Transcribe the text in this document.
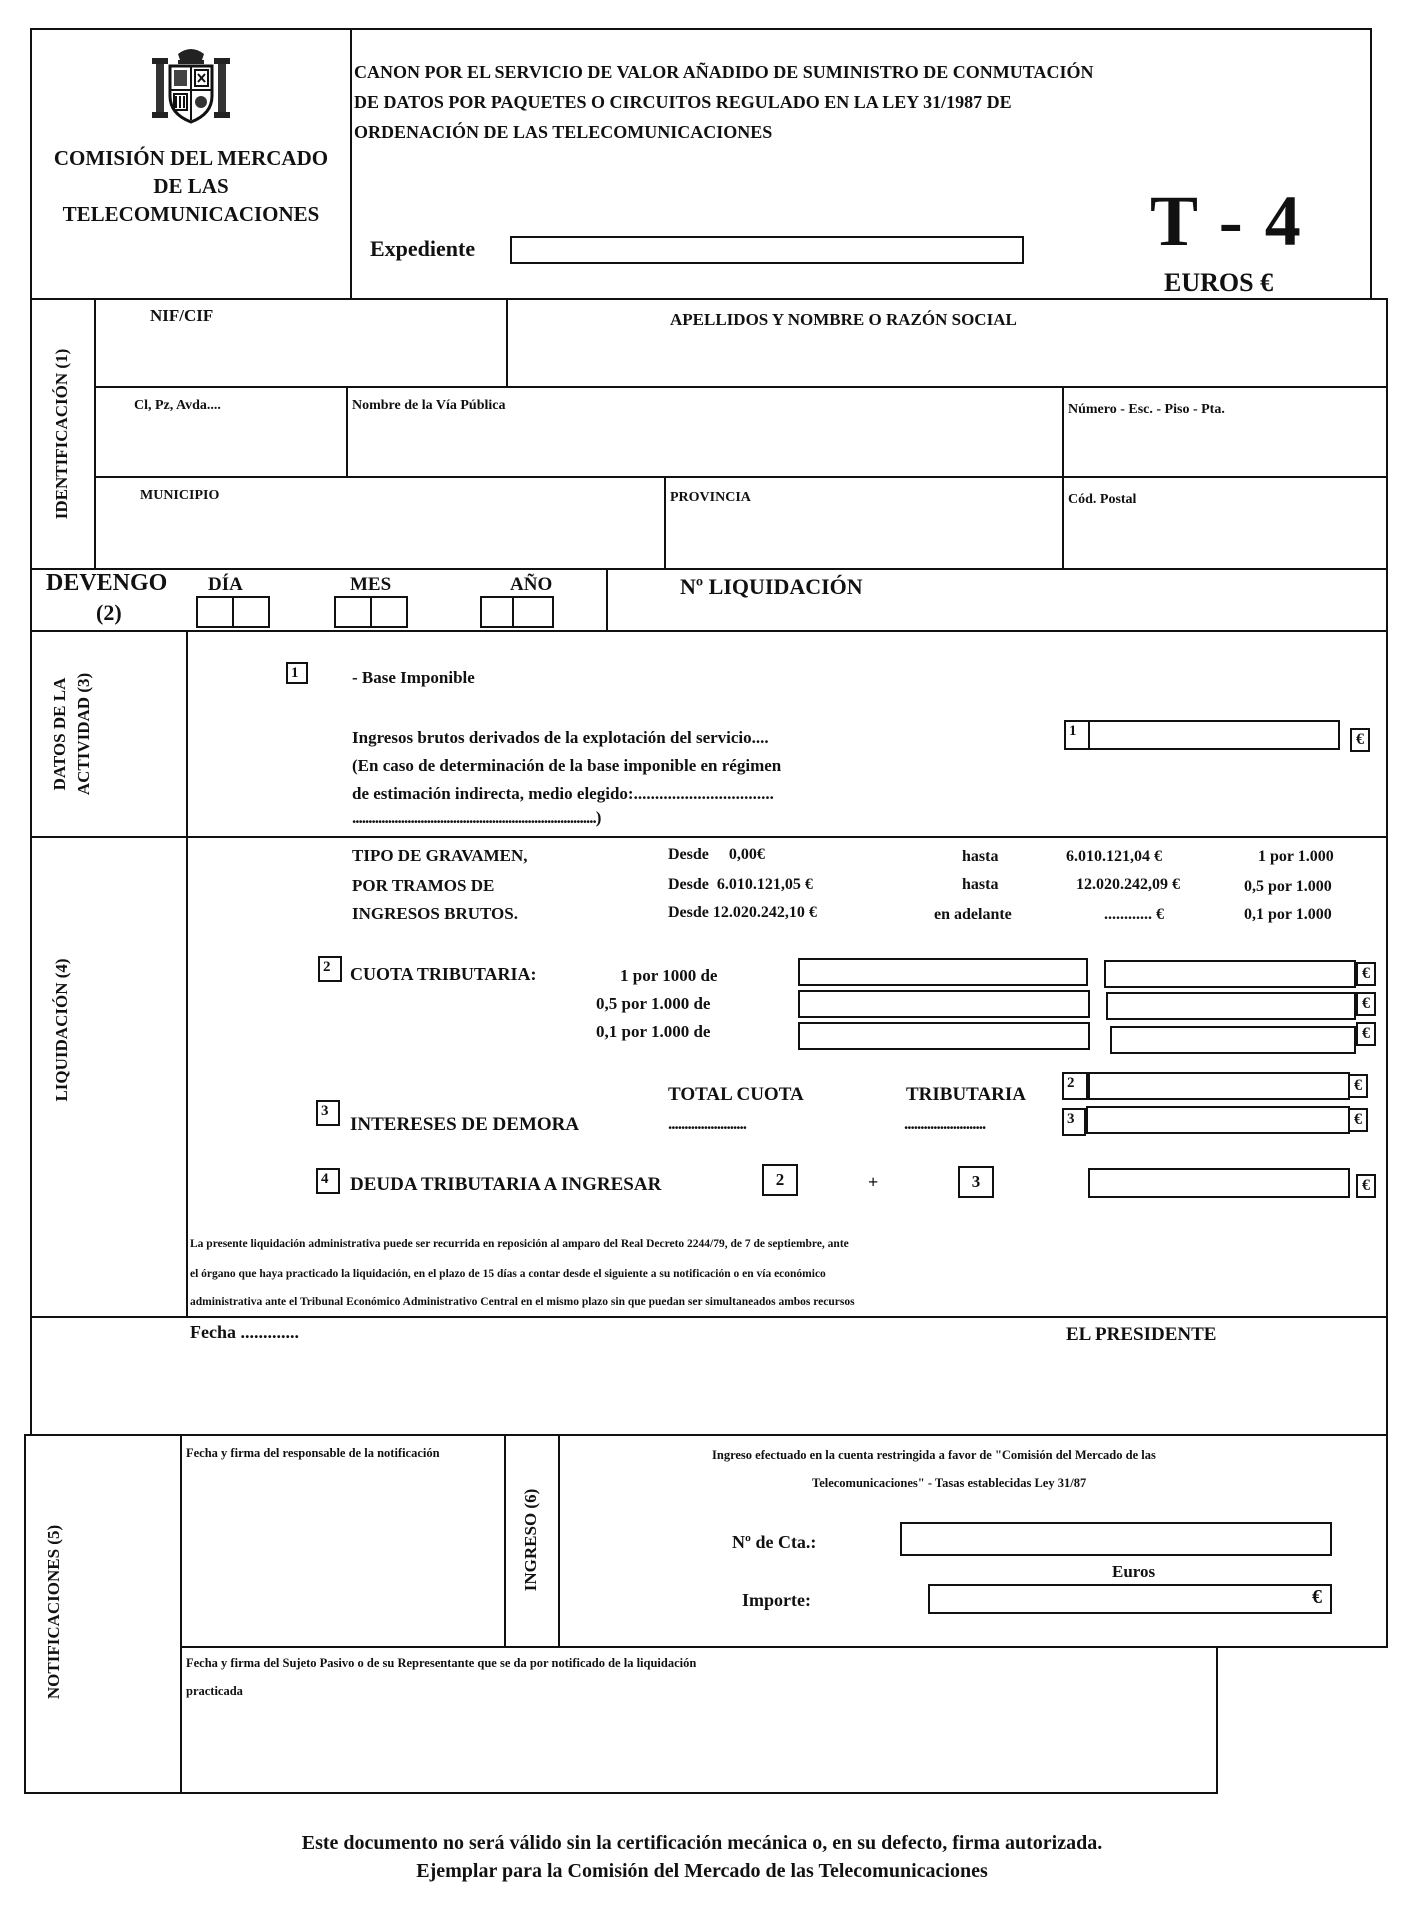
COMISIÓN DEL MERCADO
DE LAS
TELECOMUNICACIONES
CANON POR EL SERVICIO DE VALOR AÑADIDO DE SUMINISTRO DE CONMUTACIÓN
DE DATOS POR PAQUETES O CIRCUITOS REGULADO EN LA LEY 31/1987 DE
ORDENACIÓN DE LAS TELECOMUNICACIONES
Expediente	T - 4
EUROS €
IDENTIFICACIÓN (1)
NIF/CIF	APELLIDOS Y NOMBRE O RAZÓN SOCIAL
Cl, Pz, Avda....	Nombre de la Vía Pública	Número - Esc. - Piso - Pta.
MUNICIPIO	PROVINCIA	Cód. Postal
DEVENGO
(2)
DÍA	MES	AÑO	Nº LIQUIDACIÓN
DATOS DE LA ACTIVIDAD (3)	1	- Base Imponible
Ingresos brutos derivados de la explotación del servicio....
(En caso de determinación de la base imponible en régimen
de estimación indirecta, medio elegido:.................................
...........................................................................)
1	€
LIQUIDACIÓN (4)
TIPO DE GRAVAMEN,
POR TRAMOS DE
INGRESOS BRUTOS.
Desde     0,00€	hasta	6.010.121,04 €	1 por 1.000
Desde  6.010.121,05 €	hasta	12.020.242,09 €	0,5 por 1.000
Desde 12.020.242,10 €	en adelante	............ €	0,1 por 1.000
2	CUOTA TRIBUTARIA:	1 por 1000 de
0,5 por 1.000 de
0,1 por 1.000 de
€
€
€
TOTAL CUOTA	TRIBUTARIA
........................	.........................
2	€
3
INTERESES DE DEMORA	3	€
4	DEUDA TRIBUTARIA A INGRESAR	2	+	3	€
La presente liquidación administrativa puede ser recurrida en reposición al amparo del Real Decreto 2244/79, de 7 de septiembre, ante
el órgano que haya practicado la liquidación, en el plazo de 15 días a contar desde el siguiente a su notificación o en vía económico
administrativa ante el Tribunal Económico Administrativo Central en el mismo plazo sin que puedan ser simultaneados ambos recursos
Fecha .............	EL PRESIDENTE
NOTIFICACIONES (5)
Fecha y firma del responsable de la notificación
INGRESO (6)
Ingreso efectuado en la cuenta restringida a favor de "Comisión del Mercado de las
Telecomunicaciones" - Tasas establecidas Ley 31/87
Nº de Cta.:
Euros
Importe:	€
Fecha y firma del Sujeto Pasivo o de su Representante que se da por notificado de la liquidación
practicada
Este documento no será válido sin la certificación mecánica o, en su defecto, firma autorizada.
Ejemplar para la Comisión del Mercado de las Telecomunicaciones
